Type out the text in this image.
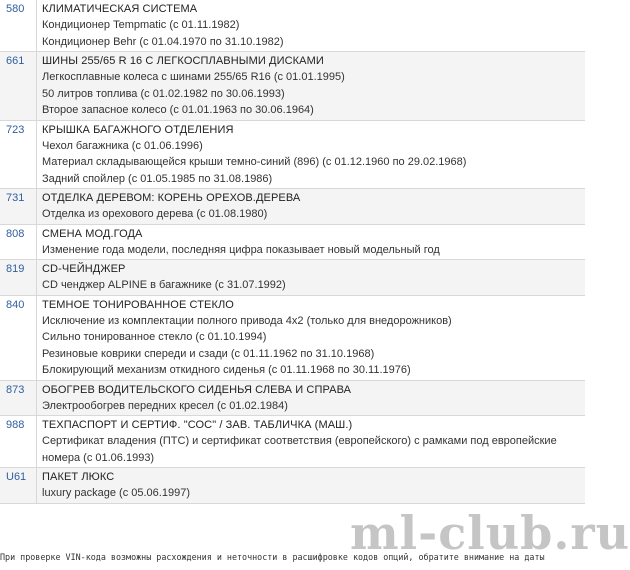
580	КЛИМАТИЧЕСКАЯ СИСТЕМА
Кондиционер Tempmatic (с 01.11.1982)
Кондиционер Behr (с 01.04.1970 по 31.10.1982)
661	ШИНЫ 255/65 R 16 С ЛЕГКОСПЛАВНЫМИ ДИСКАМИ
Легкосплавные колеса с шинами 255/65 R16 (с 01.01.1995)
50 литров топлива (с 01.02.1982 по 30.06.1993)
Второе запасное колесо (с 01.01.1963 по 30.06.1964)
723	КРЫШКА БАГАЖНОГО ОТДЕЛЕНИЯ
Чехол багажника (с 01.06.1996)
Материал складывающейся крыши темно-синий (896) (с 01.12.1960 по 29.02.1968)
Задний спойлер (с 01.05.1985 по 31.08.1986)
731	ОТДЕЛКА ДЕРЕВОМ: КОРЕНЬ ОРЕХОВ.ДЕРЕВА
Отделка из орехового дерева (с 01.08.1980)
808	СМЕНА МОД.ГОДА
Изменение года модели, последняя цифра показывает новый модельный год
819	CD-ЧЕЙНДЖЕР
CD ченджер ALPINE в багажнике (с 31.07.1992)
840	ТЕМНОЕ ТОНИРОВАННОЕ СТЕКЛО
Исключение из комплектации полного привода 4x2 (только для внедорожников)
Сильно тонированное стекло (с 01.10.1994)
Резиновые коврики спереди и сзади (с 01.11.1962 по 31.10.1968)
Блокирующий механизм откидного сиденья (с 01.11.1968 по 30.11.1976)
873	ОБОГРЕВ ВОДИТЕЛЬСКОГО СИДЕНЬЯ СЛЕВА И СПРАВА
Электрообогрев передних кресел (с 01.02.1984)
988	ТЕХПАСПОРТ И СЕРТИФ. "СОС" / ЗАВ. ТАБЛИЧКА (МАШ.)
Сертификат владения (ПТС) и сертификат соответствия (европейского) с рамками под европейские номера (с 01.06.1993)
U61	ПАКЕТ ЛЮКС
luxury package (с 05.06.1997)
При проверке VIN-кода возможны расхождения и неточности в расшифровке кодов опций, обратите внимание на даты
ml-club.ru
